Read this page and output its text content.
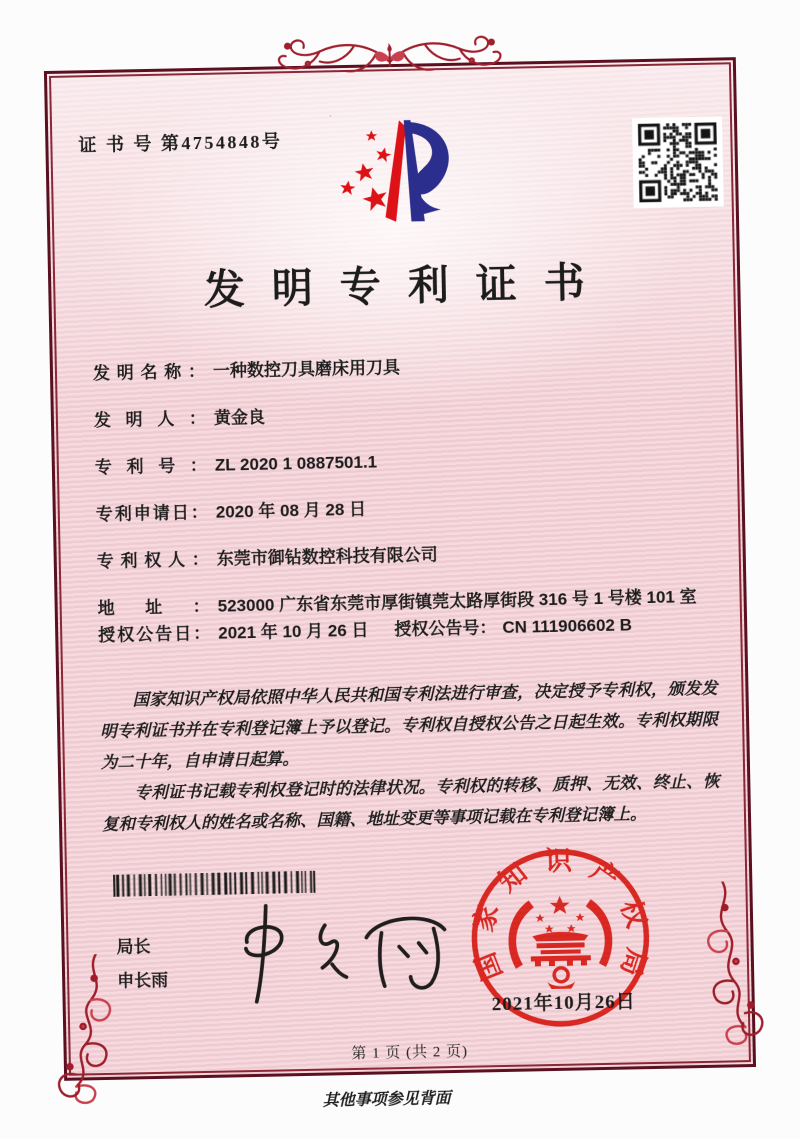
证 书 号 第4754848号
发明专利证书
发明名称： 一种数控刀具磨床用刀具
发明人： 黄金良
专利号： ZL 2020 1 0887501.1
专利申请日： 2020 年 08 月 28 日
专利权人： 东莞市御钻数控科技有限公司
地址： 523000 广东省东莞市厚街镇莞太路厚街段 316 号 1 号楼 101 室
授权公告日： 2021 年 10 月 26 日 授权公告号： CN 111906602 B

国家知识产权局依照中华人民共和国专利法进行审查，决定授予专利权，颁发发明专利证书并在专利登记簿上予以登记。专利权自授权公告之日起生效。专利权期限为二十年，自申请日起算。

专利证书记载专利权登记时的法律状况。专利权的转移、质押、无效、终止、恢复和专利权人的姓名或名称、国籍、地址变更等事项记载在专利登记簿上。

局长
申长雨
2021年10月26日
国家知识产权局
第 1 页 (共 2 页)
其他事项参见背面
